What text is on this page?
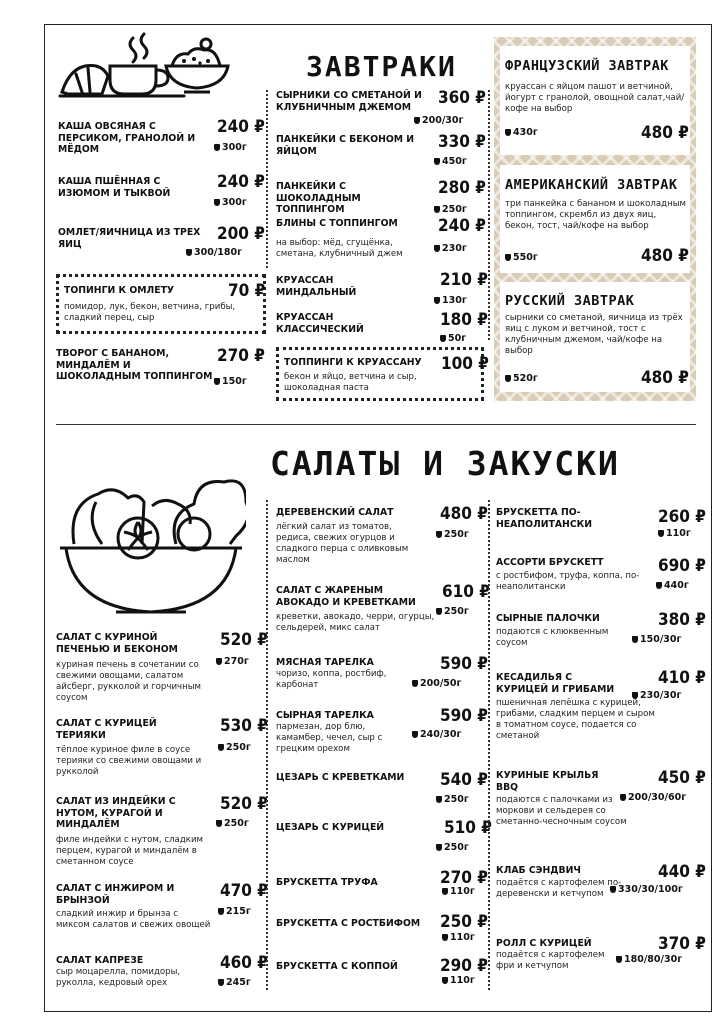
ЗАВТРАКИ
КАША ОВСЯНАЯ С ПЕРСИКОМ, ГРАНОЛОЙ И МЁДОМ
240 ₽
300г
КАША ПШЁННАЯ С ИЗЮМОМ И ТЫКВОЙ
240 ₽
300г
ОМЛЕТ/ЯИЧНИЦА ИЗ ТРЕХ ЯИЦ	200 ₽
300/180г
ТОПИНГИ К ОМЛЕТУ	70 ₽
помидор, лук, бекон, ветчина, грибы, сладкий перец, сыр
ТВОРОГ С БАНАНОМ, МИНДАЛЁМ И ШОКОЛАДНЫМ ТОППИНГОМ
270 ₽
150г
СЫРНИКИ СО СМЕТАНОЙ И КЛУБНИЧНЫМ ДЖЕМОМ	360 ₽
200/30г
ПАНКЕЙКИ С БЕКОНОМ И ЯЙЦОМ	330 ₽
450г
ПАНКЕЙКИ С ШОКОЛАДНЫМ ТОППИНГОМ
280 ₽
250г
БЛИНЫ С ТОППИНГОМ 240 ₽
на выбор: мёд, сгущёнка, сметана, клубничный джем	230г
КРУАССАН МИНДАЛЬНЫЙ
210 ₽
130г
КРУАССАН КЛАССИЧЕСКИЙ	180 ₽
50г
ТОППИНГИ К КРУАССАНУ 100 ₽
бекон и яйцо, ветчина и сыр, шоколадная паста
ФРАНЦУЗСКИЙ ЗАВТРАК
круассан с яйцом пашот и ветчиной, йогурт с гранолой, овощной салат,чай/кофе на выбор
430г	480 ₽
АМЕРИКАНСКИЙ ЗАВТРАК
три панкейка с бананом и шоколадным топпингом, скрембл из двух яиц, бекон, тост, чай/кофе на выбор
550г	480 ₽
РУССКИЙ ЗАВТРАК
сырники со сметаной, яичница из трёх яиц с луком и ветчиной, тост с клубничным джемом, чай/кофе на выбор
520г	480 ₽
САЛАТЫ И ЗАКУСКИ
САЛАТ С КУРИНОЙ ПЕЧЕНЬЮ И БЕКОНОМ	520 ₽
270г
куриная печень в сочетании со свежими овощами, салатом айсберг, рукколой и горчичным соусом
САЛАТ С КУРИЦЕЙ ТЕРИЯКИ	530 ₽
250г
тёплое куриное филе в соусе терияки со свежими овощами и рукколой
САЛАТ ИЗ ИНДЕЙКИ С НУТОМ, КУРАГОЙ И МИНДАЛЁМ
520 ₽
250г
филе индейки с нутом, сладким перцем, курагой и миндалём в сметанном соусе
САЛАТ С ИНЖИРОМ И БРЫНЗОЙ	470 ₽
215г
сладкий инжир и брынза с миксом салатов и свежих овощей
САЛАТ КАПРЕЗЕ	460 ₽
245г
сыр моцарелла, помидоры, руколла, кедровый орех
ДЕРЕВЕНСКИЙ САЛАТ	480 ₽
250г
лёгкий салат из томатов, редиса, свежих огурцов и сладкого перца с оливковым маслом
САЛАТ С ЖАРЕНЫМ АВОКАДО И КРЕВЕТКАМИ	610 ₽
250г
креветки, авокадо, черри, огурцы, сельдерей, микс салат
МЯСНАЯ ТАРЕЛКА	590 ₽
200/50г
чоризо, коппа, ростбиф, карбонат
СЫРНАЯ ТАРЕЛКА	590 ₽
240/30г
пармезан, дор блю, камамбер, чечел, сыр с грецким орехом
ЦЕЗАРЬ С КРЕВЕТКАМИ 540 ₽
250г
ЦЕЗАРЬ С КУРИЦЕЙ	510 ₽
250г
БРУСКЕТТА ТРУФА	270 ₽
110г
БРУСКЕТТА С РОСТБИФОМ 250 ₽
110г
БРУСКЕТТА С КОППОЙ 290 ₽
110г
БРУСКЕТТА ПО-НЕАПОЛИТАНСКИ	260 ₽
110г
АССОРТИ БРУСКЕТТ	690 ₽
440г
с ростбифом, труфа, коппа, по-неаполитански
СЫРНЫЕ ПАЛОЧКИ	380 ₽
150/30г
подаются с клюквенным соусом
КЕСАДИЛЬЯ С КУРИЦЕЙ И ГРИБАМИ
410 ₽
230/30г
пшеничная лепёшка с курицей, грибами, сладким перцем и сыром в томатном соусе, подается со сметаной
КУРИНЫЕ КРЫЛЬЯ BBQ	450 ₽
200/30/60г
подаются с палочками из моркови и сельдерея со сметанно-чесночным соусом
КЛАБ СЭНДВИЧ	440 ₽
330/30/100г
подаётся с картофелем по-деревенски и кетчупом
РОЛЛ С КУРИЦЕЙ	370 ₽
180/80/30г
подаётся с картофелем фри и кетчупом
